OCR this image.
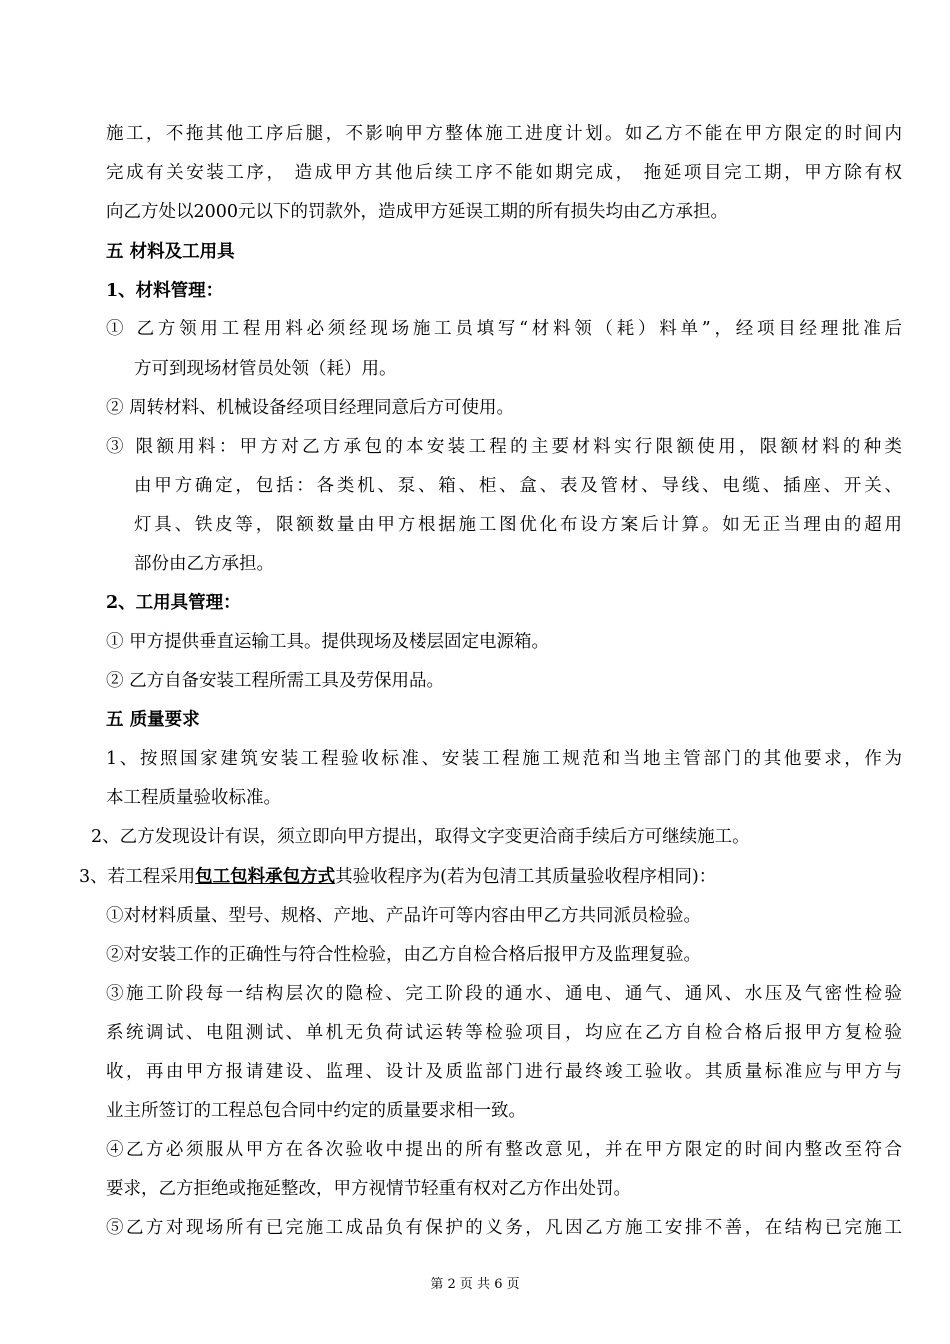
施工，不拖其他工序后腿，不影响甲方整体施工进度计划。如乙方不能在甲方限定的时间内
完成有关安装工序， 造成甲方其他后续工序不能如期完成， 拖延项目完工期，甲方除有权
向乙方处以2000元以下的罚款外，造成甲方延误工期的所有损失均由乙方承担。
五 材料及工用具
1、材料管理：
① 乙方领用工程用料必须经现场施工员填写“材料领（耗）料单”，经项目经理批准后
方可到现场材管员处领（耗）用。
② 周转材料、机械设备经项目经理同意后方可使用。
③ 限额用料：甲方对乙方承包的本安装工程的主要材料实行限额使用，限额材料的种类
由甲方确定，包括：各类机、泵、箱、柜、盒、表及管材、导线、电缆、插座、开关、
灯具、铁皮等，限额数量由甲方根据施工图优化布设方案后计算。如无正当理由的超用
部份由乙方承担。
2、工用具管理：
① 甲方提供垂直运输工具。提供现场及楼层固定电源箱。
② 乙方自备安装工程所需工具及劳保用品。
五 质量要求
1、按照国家建筑安装工程验收标准、安装工程施工规范和当地主管部门的其他要求，作为
本工程质量验收标准。
2、乙方发现设计有误，须立即向甲方提出，取得文字变更洽商手续后方可继续施工。
3、若工程采用包工包料承包方式其验收程序为(若为包清工其质量验收程序相同)：
①对材料质量、型号、规格、产地、产品许可等内容由甲乙方共同派员检验。
②对安装工作的正确性与符合性检验，由乙方自检合格后报甲方及监理复验。
③施工阶段每一结构层次的隐检、完工阶段的通水、通电、通气、通风、水压及气密性检验
系统调试、电阻测试、单机无负荷试运转等检验项目，均应在乙方自检合格后报甲方复检验
收，再由甲方报请建设、监理、设计及质监部门进行最终竣工验收。其质量标准应与甲方与
业主所签订的工程总包合同中约定的质量要求相一致。
④乙方必须服从甲方在各次验收中提出的所有整改意见，并在甲方限定的时间内整改至符合
要求，乙方拒绝或拖延整改，甲方视情节轻重有权对乙方作出处罚。
⑤乙方对现场所有已完施工成品负有保护的义务，凡因乙方施工安排不善，在结构已完施工
第 2 页 共 6 页
